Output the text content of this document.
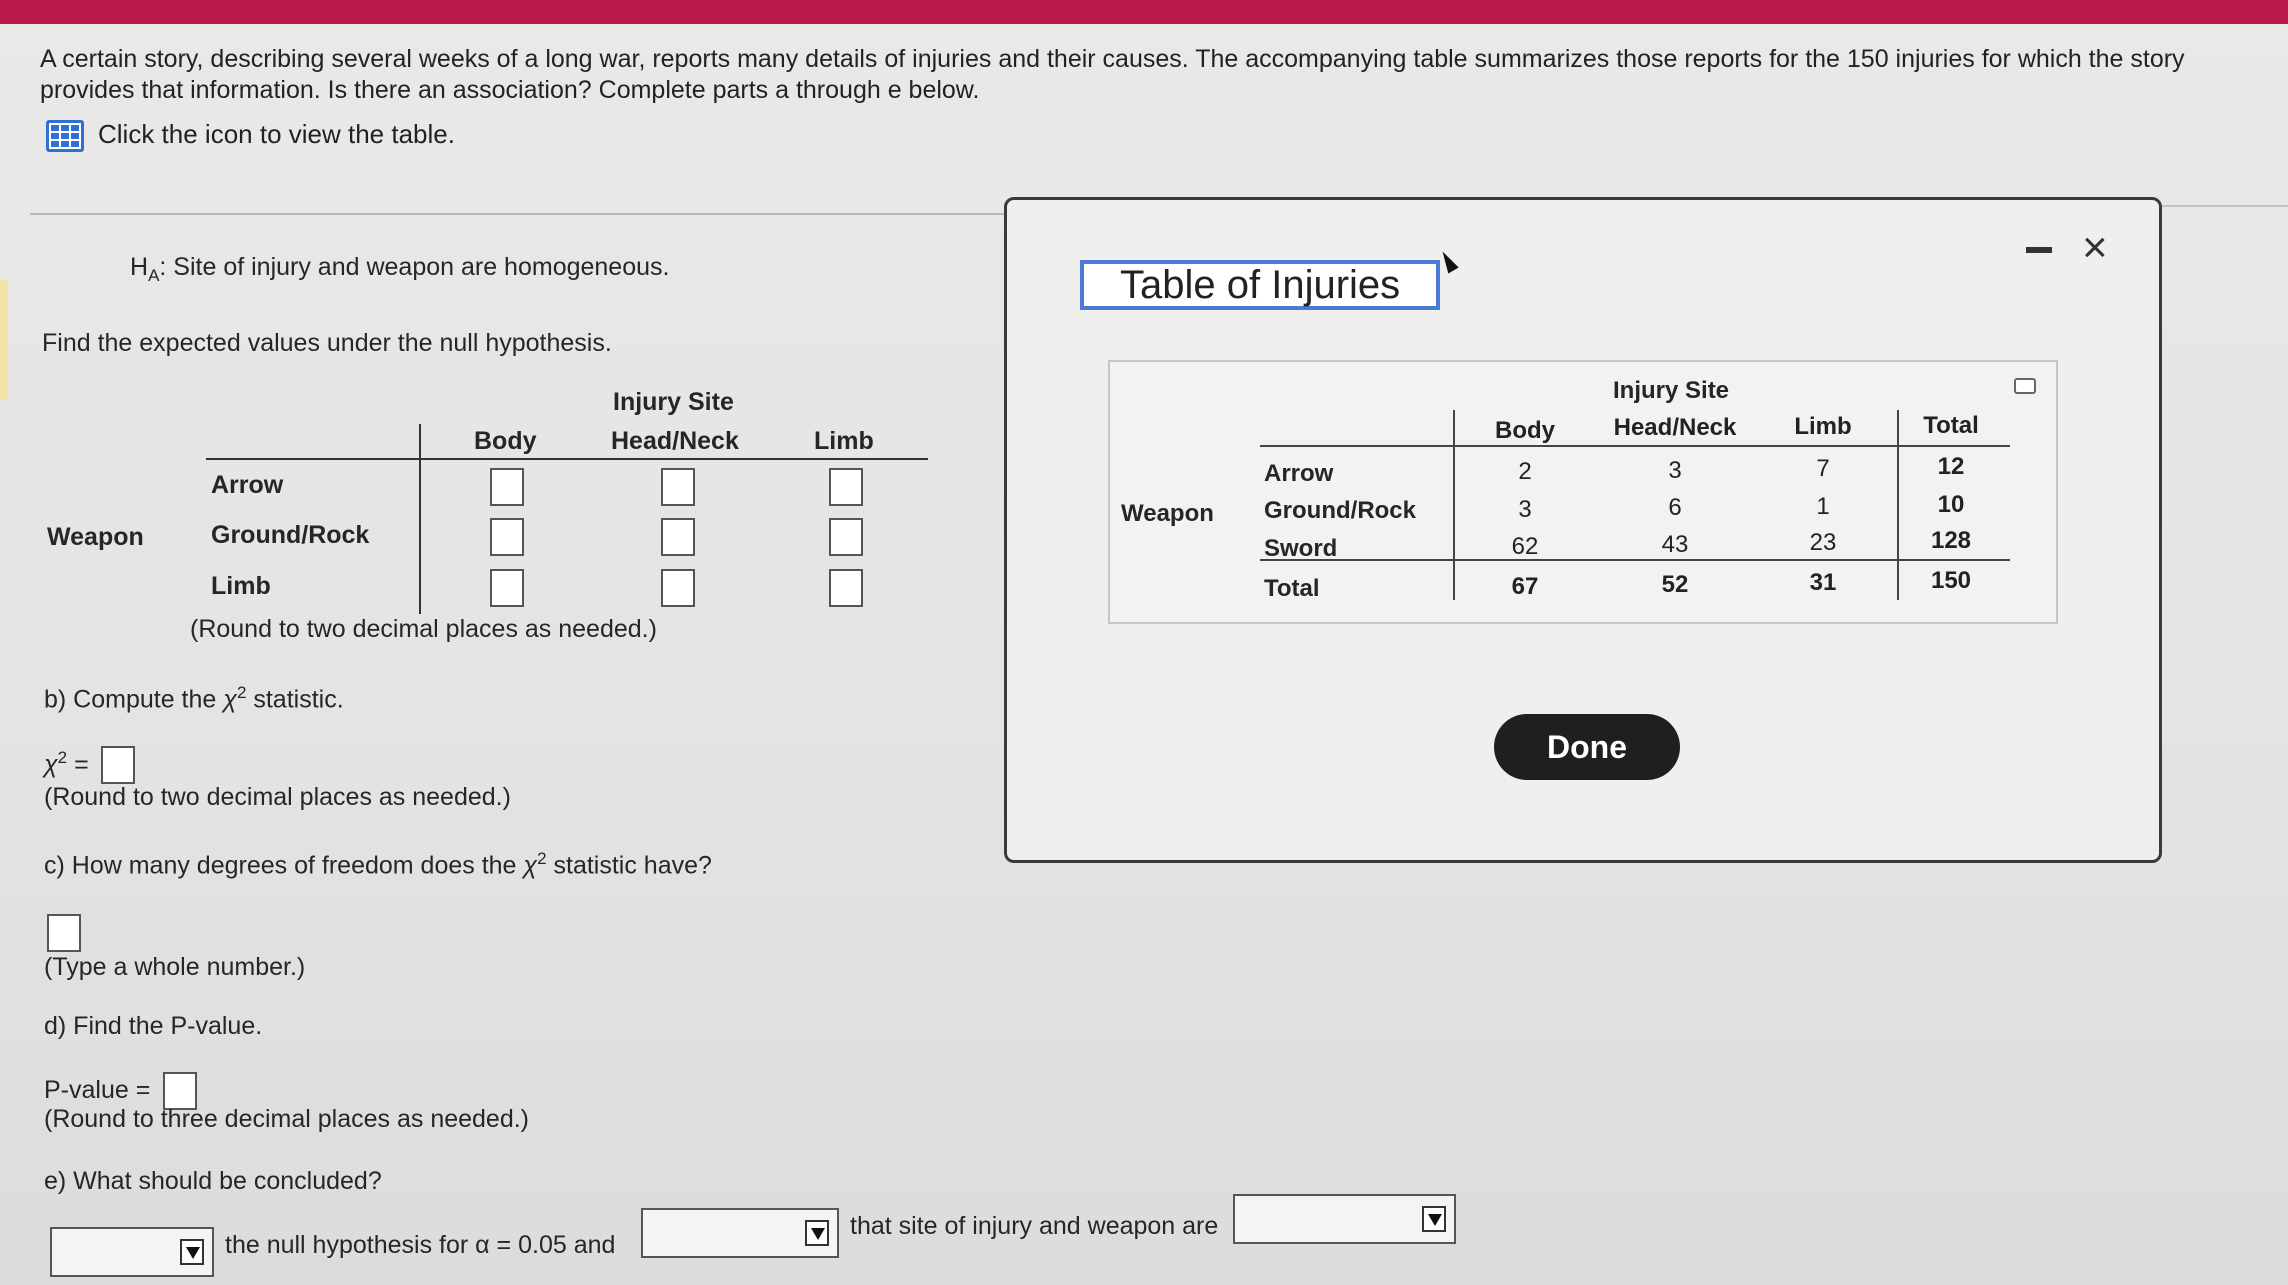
A certain story, describing several weeks of a long war, reports many details of injuries and their causes. The accompanying table summarizes those reports for the 150 injuries for which the story provides that information. Is there an association? Complete parts a through e below.
Click the icon to view the table.
$H_A$: Site of injury and weapon are homogeneous.
Find the expected values under the null hypothesis.
Injury Site
Body	Head/Neck	Limb
Weapon
Arrow
Ground/Rock
Limb
(Round to two decimal places as needed.)
b) Compute the $\chi^2$ statistic.
$\chi^2$ =
(Round to two decimal places as needed.)
c) How many degrees of freedom does the $\chi^2$ statistic have?
(Type a whole number.)
d) Find the P-value.
P-value =
(Round to three decimal places as needed.)
e) What should be concluded?
the null hypothesis for α = 0.05 and
that site of injury and weapon are
Table of Injuries
×
Injury Site
Body	Head/Neck	Limb	Total
Weapon
Arrow	2	3	7	12
Ground/Rock	3	6	1	10
Sword	62	43	23	128
Total	67	52	31	150
Done
